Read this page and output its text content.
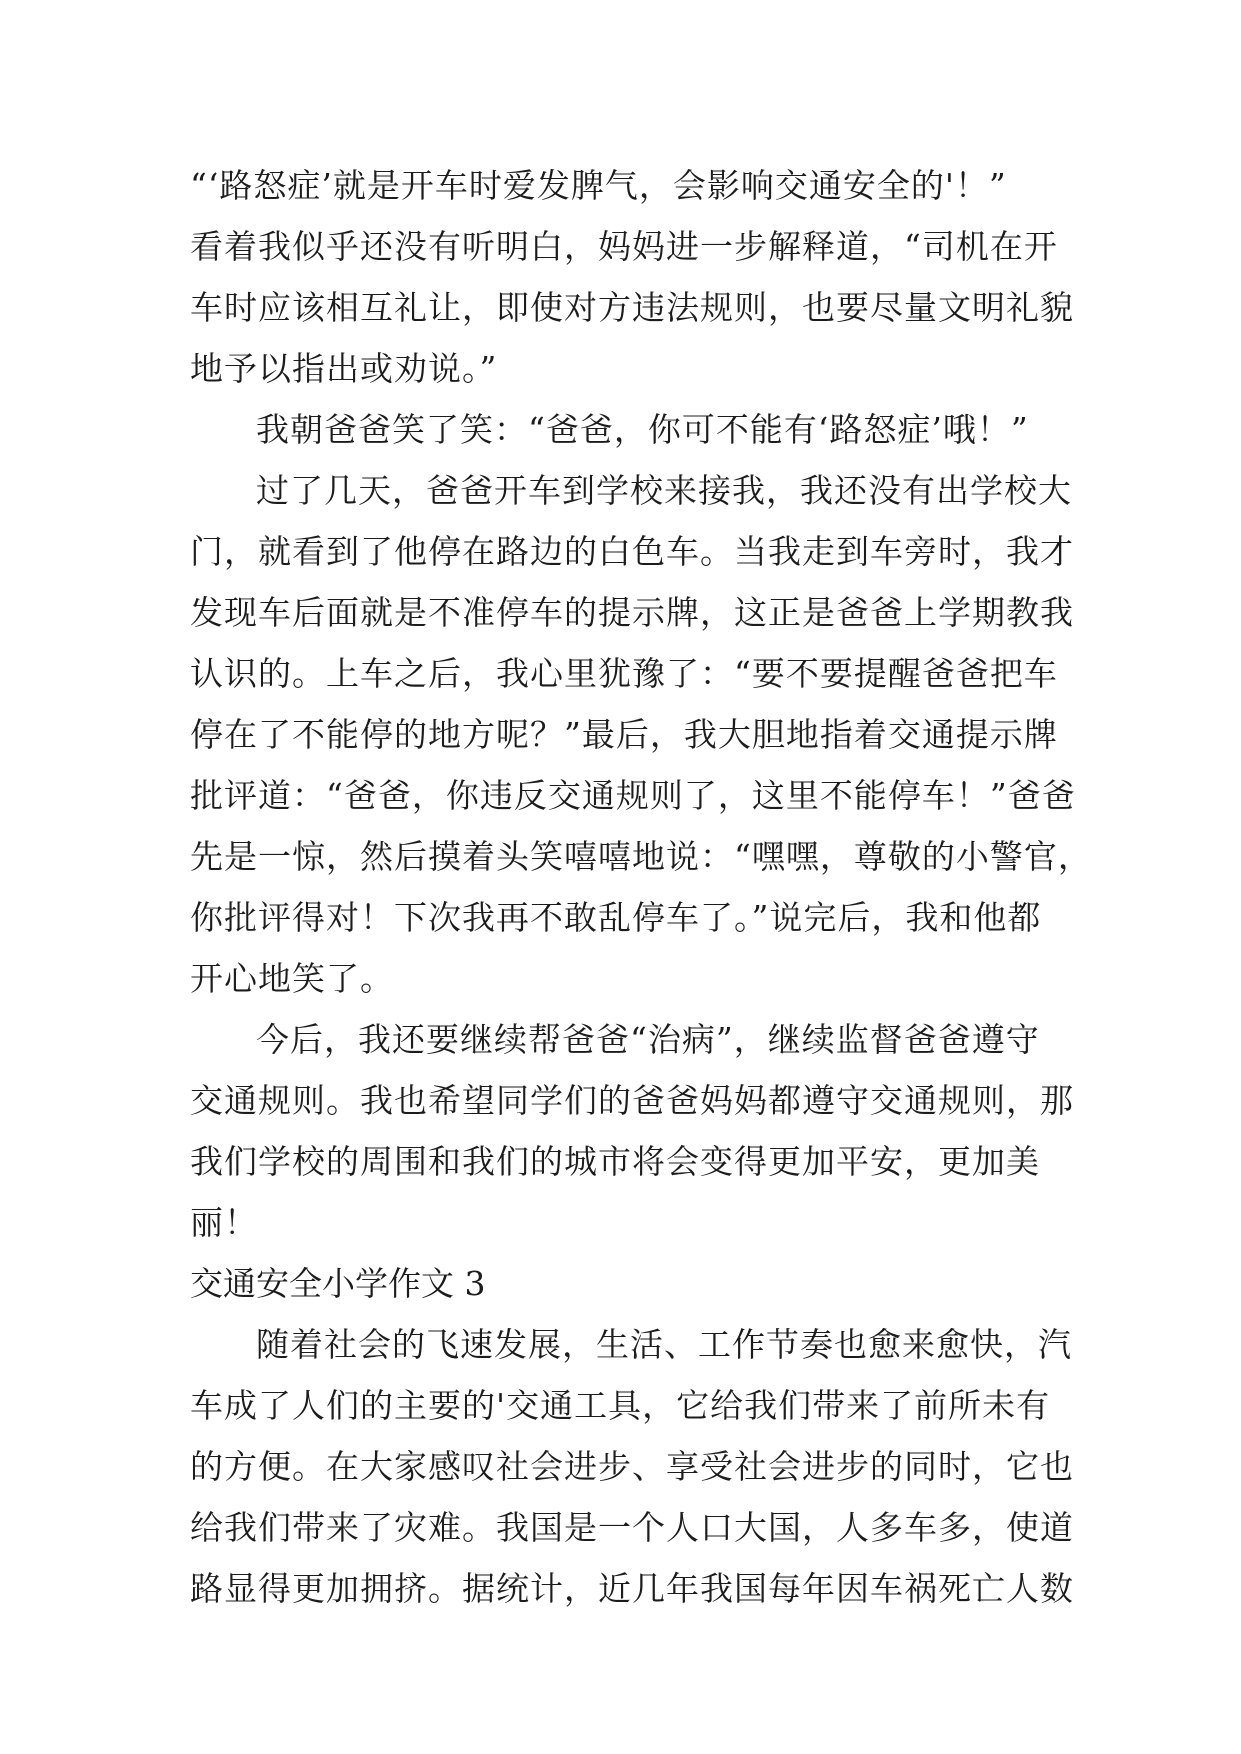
“‘路怒症’就是开车时爱发脾气，会影响交通安全的'！”
看着我似乎还没有听明白，妈妈进一步解释道，“司机在开
车时应该相互礼让，即使对方违法规则，也要尽量文明礼貌
地予以指出或劝说。”
我朝爸爸笑了笑：“爸爸，你可不能有‘路怒症’哦！”
过了几天，爸爸开车到学校来接我，我还没有出学校大
门，就看到了他停在路边的白色车。当我走到车旁时，我才
发现车后面就是不准停车的提示牌，这正是爸爸上学期教我
认识的。上车之后，我心里犹豫了：“要不要提醒爸爸把车
停在了不能停的地方呢？”最后，我大胆地指着交通提示牌
批评道：“爸爸，你违反交通规则了，这里不能停车！”爸爸
先是一惊，然后摸着头笑嘻嘻地说：“嘿嘿，尊敬的小警官，
你批评得对！下次我再不敢乱停车了。”说完后，我和他都
开心地笑了。
今后，我还要继续帮爸爸“治病”，继续监督爸爸遵守
交通规则。我也希望同学们的爸爸妈妈都遵守交通规则，那
我们学校的周围和我们的城市将会变得更加平安，更加美
丽！
交通安全小学作文 3
随着社会的飞速发展，生活、工作节奏也愈来愈快，汽
车成了人们的主要的'交通工具，它给我们带来了前所未有
的方便。在大家感叹社会进步、享受社会进步的同时，它也
给我们带来了灾难。我国是一个人口大国，人多车多，使道
路显得更加拥挤。据统计，近几年我国每年因车祸死亡人数
